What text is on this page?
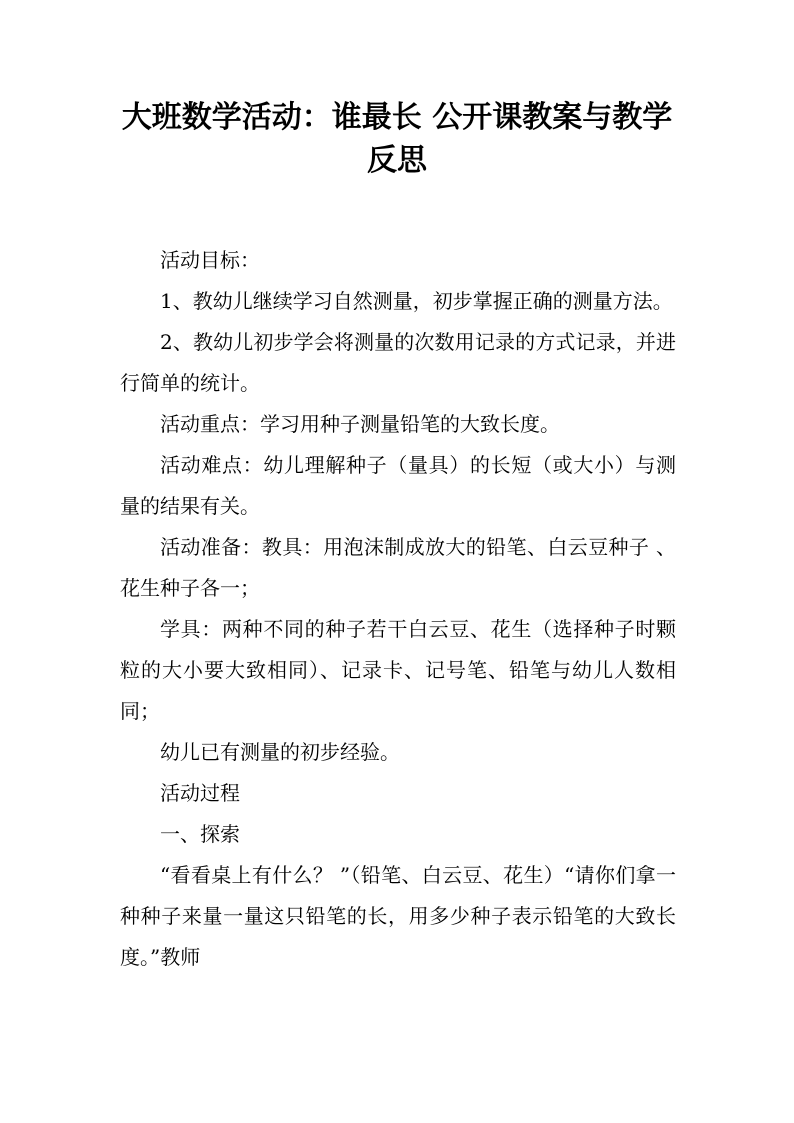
大班数学活动：谁最长 公开课教案与教学反思

活动目标：

1、教幼儿继续学习自然测量，初步掌握正确的测量方法。

2、教幼儿初步学会将测量的次数用记录的方式记录，并进行简单的统计。

活动重点：学习用种子测量铅笔的大致长度。

活动难点：幼儿理解种子（量具）的长短（或大小）与测量的结果有关。

活动准备：教具：用泡沫制成放大的铅笔、白云豆种子 、花生种子各一；

学具：两种不同的种子若干白云豆、花生（选择种子时颗粒的大小要大致相同）、记录卡、记号笔、铅笔与幼儿人数相同；

幼儿已有测量的初步经验。

活动过程

一、探索

“看看桌上有什么？ ”（铅笔、白云豆、花生）“请你们拿一种种子来量一量这只铅笔的长，用多少种子表示铅笔的大致长度。”教师
